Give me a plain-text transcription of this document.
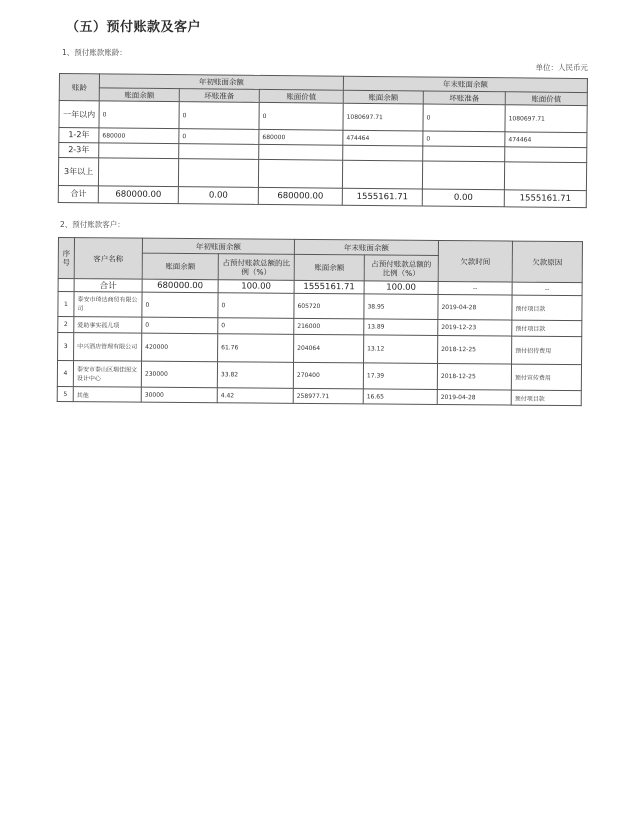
（五）预付账款及客户
1、预付账款账龄：
单位：人民币元
账龄	年初账面余额			年末账面余额		
	账面余额	坏账准备	账面价值	账面余额	坏账准备	账面价值
一年以内	0	0	0	1080697.71	0	1080697.71
1-2年	680000	0	680000	474464	0	474464
2-3年						
3年以上						
合计	680000.00	0.00	680000.00	1555161.71	0.00	1555161.71
2、预付账款客户：
序号	客户名称	年初账面余额		年末账面余额		欠款时间	欠款原因
		账面余额	占预付账款总额的比例（%）	账面余额	占预付账款总额的比例（%）		
	合计	680000.00	100.00	1555161.71	100.00	--	--
1	泰安市琦达商贸有限公司	0	0	605720	38.95	2019-04-28	预付项目款
2	爱助事实孤儿项	0	0	216000	13.89	2019-12-23	预付项目款
3	中兴酒店管理有限公司	420000	61.76	204064	13.12	2018-12-25	预付招待费用
4	泰安市泰山区瑞佳图文设计中心	230000	33.82	270400	17.39	2018-12-25	预付宣传费用
5	其他	30000	4.42	258977.71	16.65	2019-04-28	预付项目款
